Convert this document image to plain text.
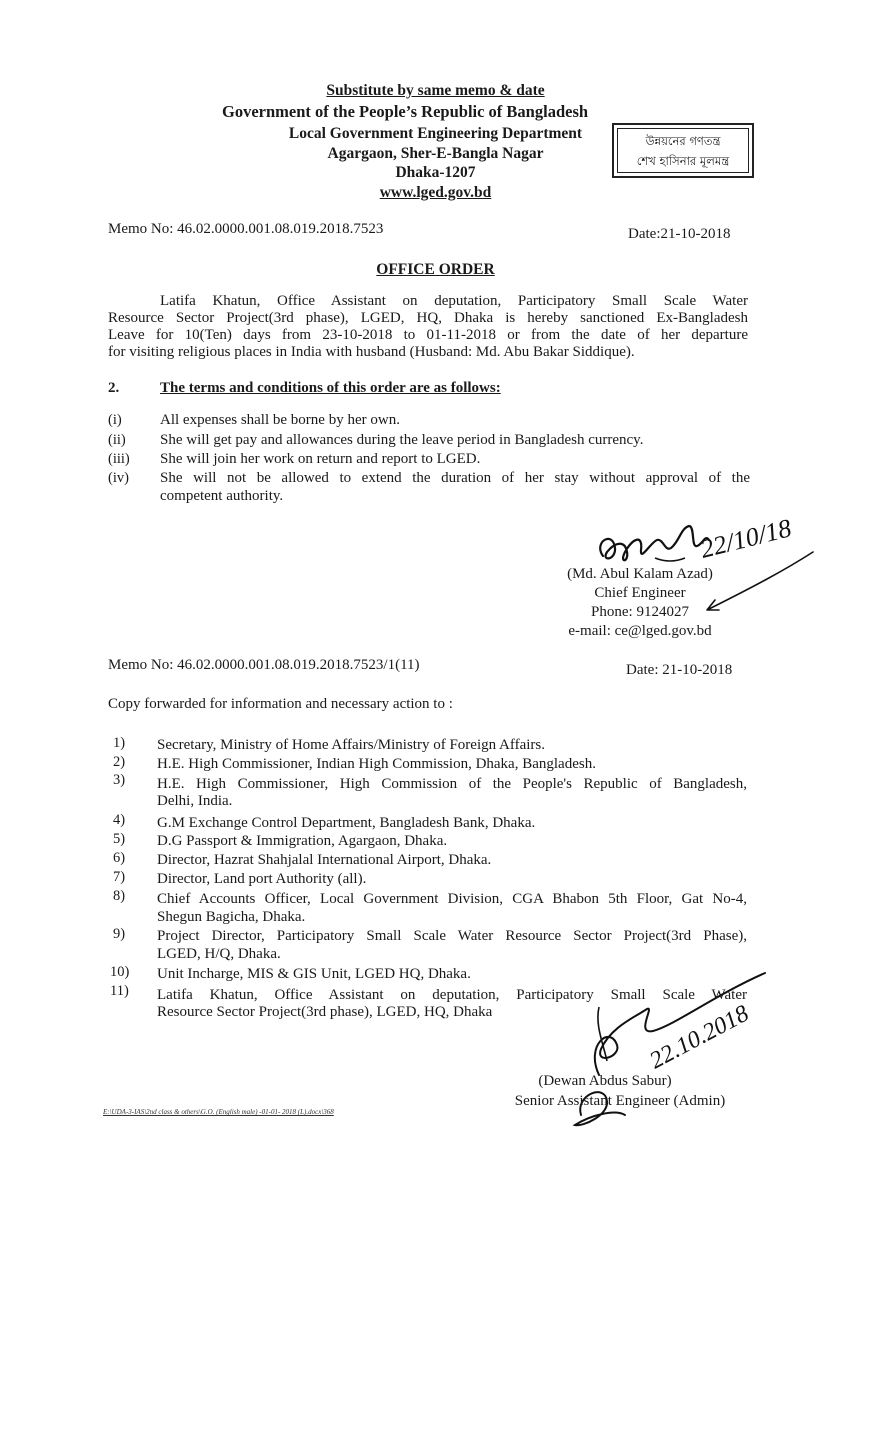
Substitute by same memo & date
Government of the People’s Republic of Bangladesh
Local Government Engineering Department
Agargaon, Sher-E-Bangla Nagar
Dhaka-1207
www.lged.gov.bd
উন্নয়নের গণতন্ত্র
শেখ হাসিনার মূলমন্ত্র
Memo No: 46.02.0000.001.08.019.2018.7523	Date:21-10-2018
OFFICE ORDER
Latifa Khatun, Office Assistant on deputation, Participatory Small Scale Water
Resource Sector Project(3rd phase), LGED, HQ, Dhaka is hereby sanctioned Ex-Bangladesh
Leave for 10(Ten) days from 23-10-2018 to 01-11-2018 or from the date of her departure
for visiting religious places in India with husband (Husband: Md. Abu Bakar Siddique).
2.	The terms and conditions of this order are as follows:
(i)	All expenses shall be borne by her own.
(ii) She will get pay and allowances during the leave period in Bangladesh currency.
(iii) She will join her work on return and report to LGED.
(iv) She will not be allowed to extend the duration of her stay without approval of the
competent authority.
22/10/18
(Md. Abul Kalam Azad)
Chief Engineer
Phone: 9124027
e-mail: ce@lged.gov.bd
Memo No: 46.02.0000.001.08.019.2018.7523/1(11)	Date: 21-10-2018
Copy forwarded for information and necessary action to :
1) Secretary, Ministry of Home Affairs/Ministry of Foreign Affairs.
2) H.E. High Commissioner, Indian High Commission, Dhaka, Bangladesh.
3) H.E. High Commissioner, High Commission of the People's Republic of Bangladesh,
Delhi, India.
4) G.M Exchange Control Department, Bangladesh Bank, Dhaka.
5) D.G Passport & Immigration, Agargaon, Dhaka.
6) Director, Hazrat Shahjalal International Airport, Dhaka.
7) Director, Land port Authority (all).
8) Chief Accounts Officer, Local Government Division, CGA Bhabon 5th Floor, Gat No-4,
Shegun Bagicha, Dhaka.
9) Project Director, Participatory Small Scale Water Resource Sector Project(3rd Phase),
LGED, H/Q, Dhaka.
10) Unit Incharge, MIS & GIS Unit, LGED HQ, Dhaka.
11) Latifa Khatun, Office Assistant on deputation, Participatory Small Scale Water
Resource Sector Project(3rd phase), LGED, HQ, Dhaka	22.10.2018
(Dewan Abdus Sabur)
Senior Assistant Engineer (Admin)
E:\UDA-3-IAS\2nd class & others\G.O. (English male) -01-01- 2018 (L).docx\368
